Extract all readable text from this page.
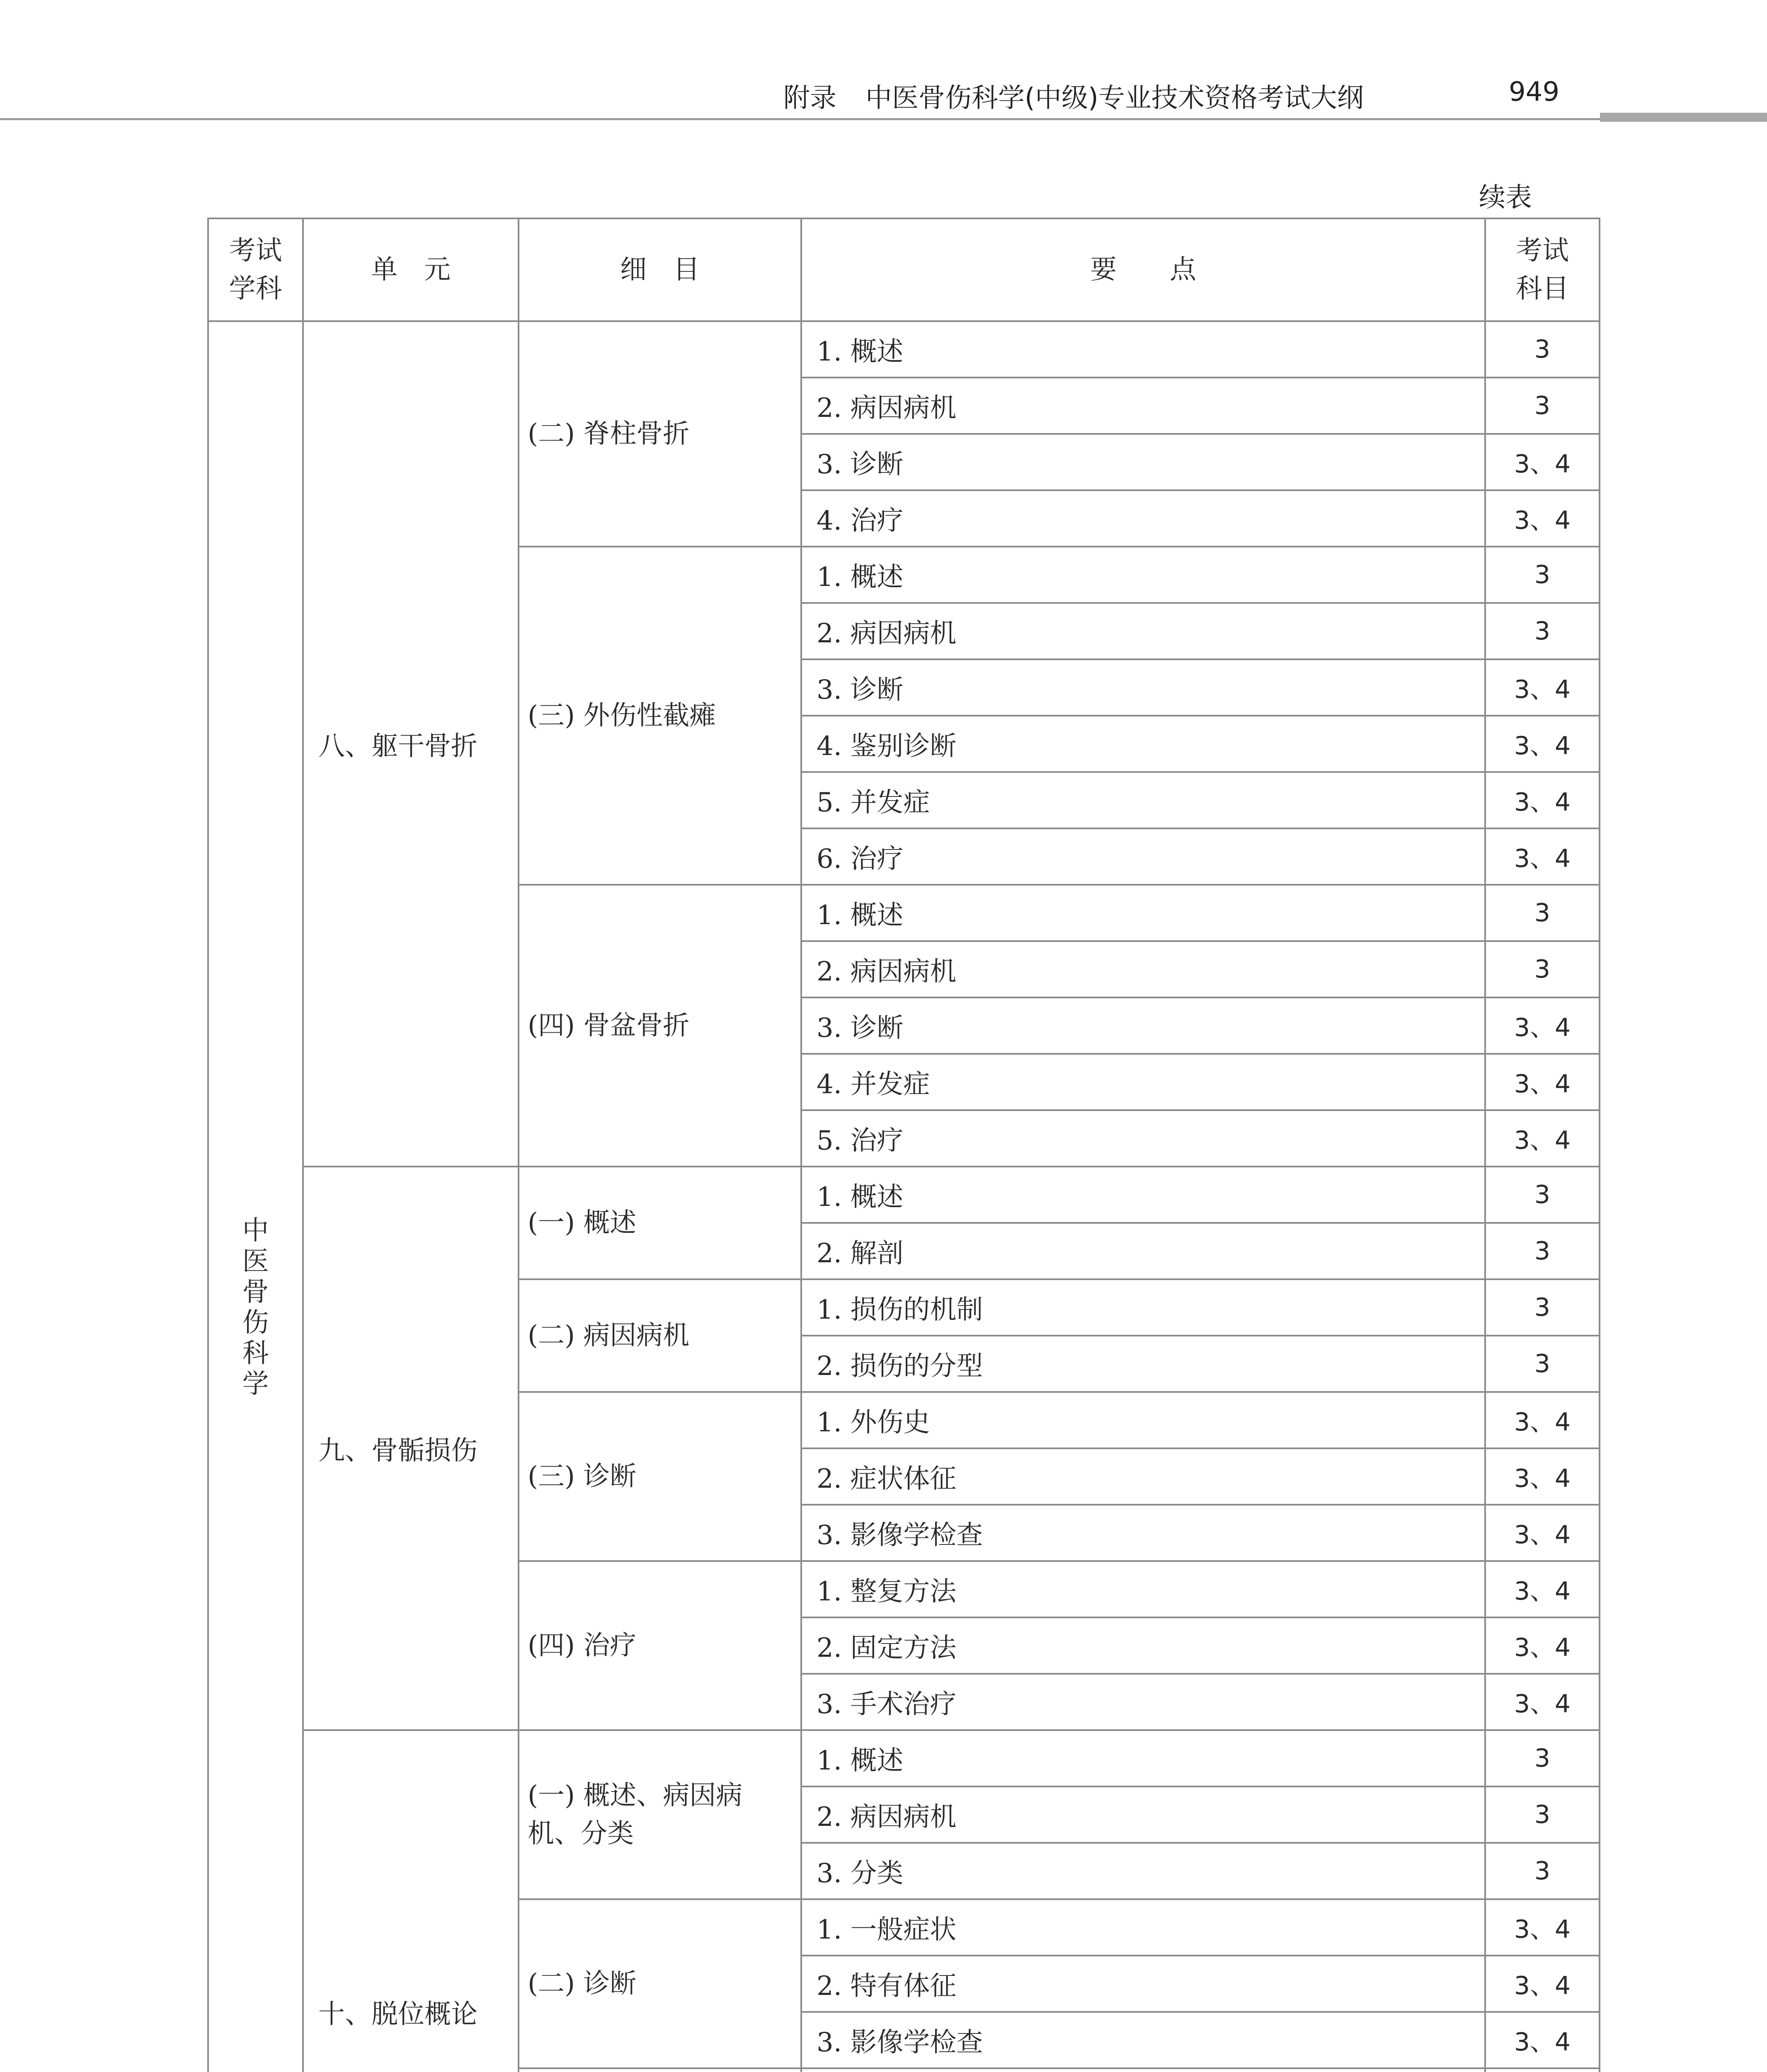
附录 中医骨伤科学(中级)专业技术资格考试大纲	949
续表
考试学科	单　元	细　目	要　　点	考试科目
中医骨伤科学	八、躯干骨折	(二) 脊柱骨折	1. 概述	3
			2. 病因病机	3
			3. 诊断	3、4
			4. 治疗	3、4
		(三) 外伤性截瘫	1. 概述	3
			2. 病因病机	3
			3. 诊断	3、4
			4. 鉴别诊断	3、4
			5. 并发症	3、4
			6. 治疗	3、4
		(四) 骨盆骨折	1. 概述	3
			2. 病因病机	3
			3. 诊断	3、4
			4. 并发症	3、4
			5. 治疗	3、4
	九、骨骺损伤	(一) 概述	1. 概述	3
			2. 解剖	3
		(二) 病因病机	1. 损伤的机制	3
			2. 损伤的分型	3
		(三) 诊断	1. 外伤史	3、4
			2. 症状体征	3、4
			3. 影像学检查	3、4
		(四) 治疗	1. 整复方法	3、4
			2. 固定方法	3、4
			3. 手术治疗	3、4
	十、脱位概论	(一) 概述、病因病机、分类	1. 概述	3
			2. 病因病机	3
			3. 分类	3
		(二) 诊断	1. 一般症状	3、4
			2. 特有体征	3、4
			3. 影像学检查	3、4
